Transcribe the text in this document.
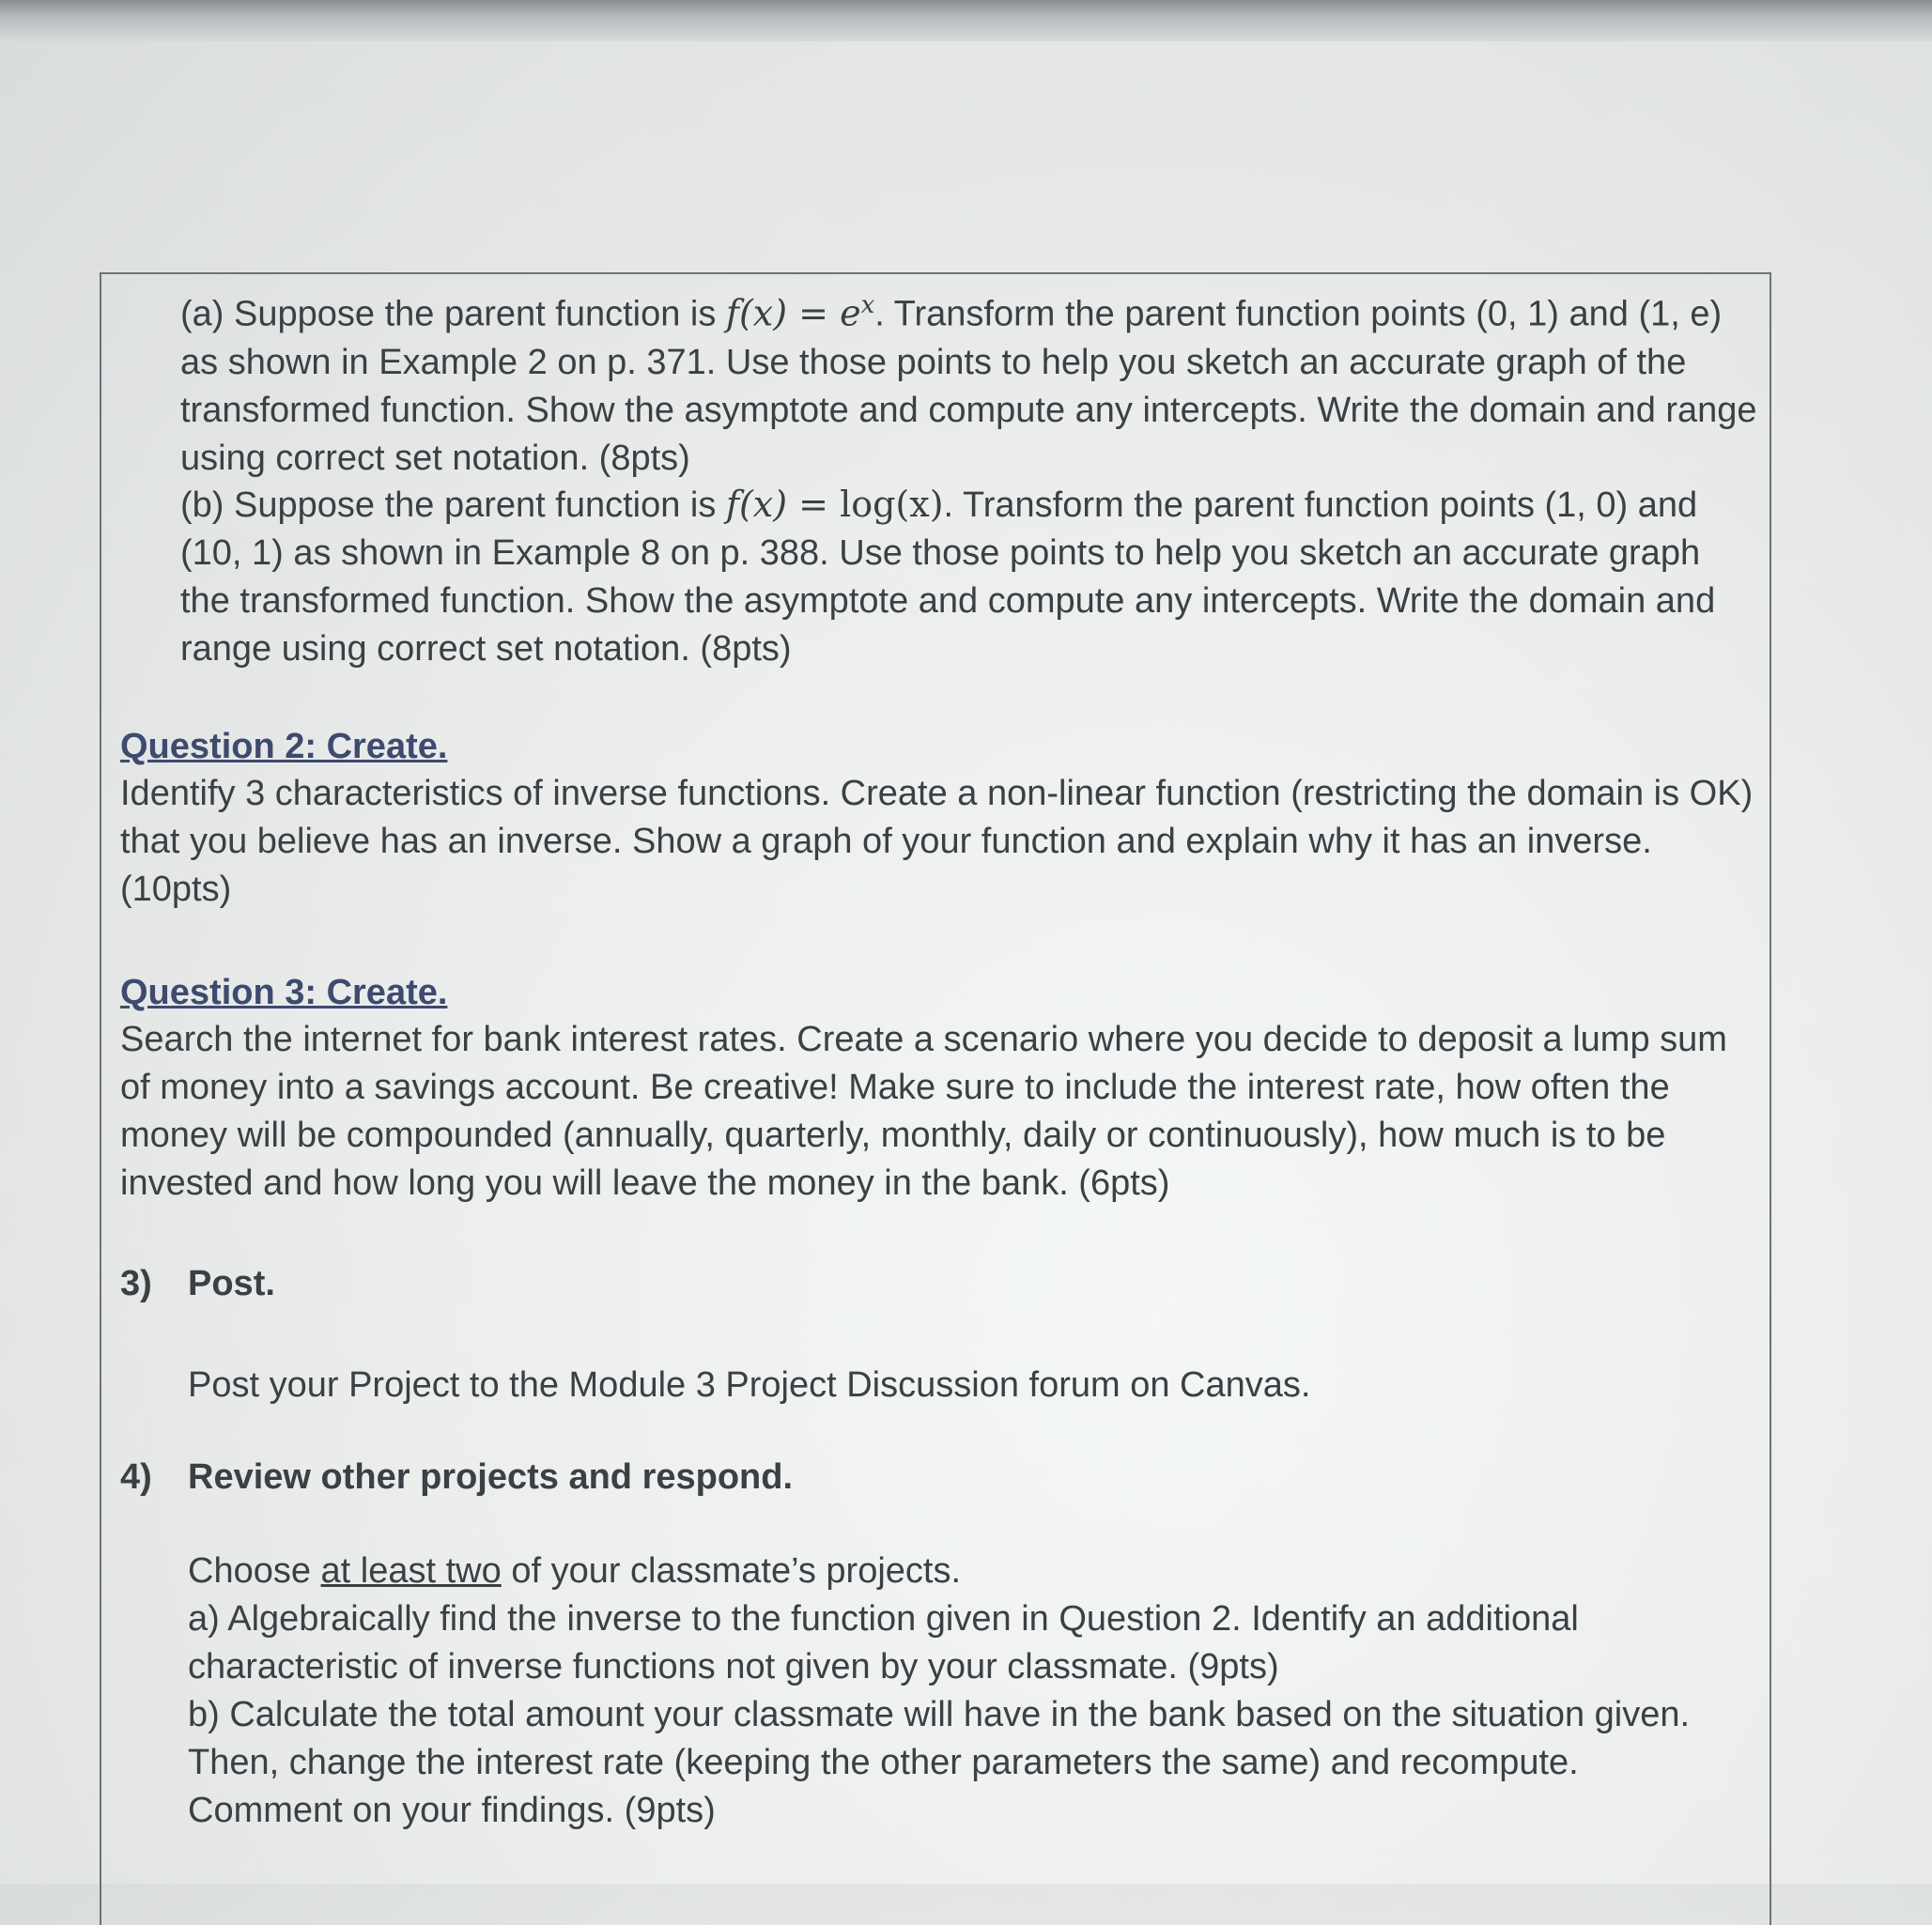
(a) Suppose the parent function is $f(x) = e^x$. Transform the parent function points (0, 1) and (1, e) as shown in Example 2 on p. 371. Use those points to help you sketch an accurate graph of the transformed function. Show the asymptote and compute any intercepts. Write the domain and range using correct set notation. (8pts)
(b) Suppose the parent function is f(x) = log(x). Transform the parent function points (1, 0) and (10, 1) as shown in Example 8 on p. 388. Use those points to help you sketch an accurate graph the transformed function. Show the asymptote and compute any intercepts. Write the domain and range using correct set notation. (8pts)

Question 2: Create.

Identify 3 characteristics of inverse functions. Create a non-linear function (restricting the domain is OK) that you believe has an inverse. Show a graph of your function and explain why it has an inverse. (10pts)

Question 3: Create.

Search the internet for bank interest rates. Create a scenario where you decide to deposit a lump sum of money into a savings account. Be creative! Make sure to include the interest rate, how often the money will be compounded (annually, quarterly, monthly, daily or continuously), how much is to be invested and how long you will leave the money in the bank. (6pts)

3) Post.
Post your Project to the Module 3 Project Discussion forum on Canvas.
4) Review other projects and respond.

Choose at least two of your classmate’s projects.

a) Algebraically find the inverse to the function given in Question 2. Identify an additional characteristic of inverse functions not given by your classmate. (9pts)

b) Calculate the total amount your classmate will have in the bank based on the situation given. Then, change the interest rate (keeping the other parameters the same) and recompute. Comment on your findings. (9pts)
